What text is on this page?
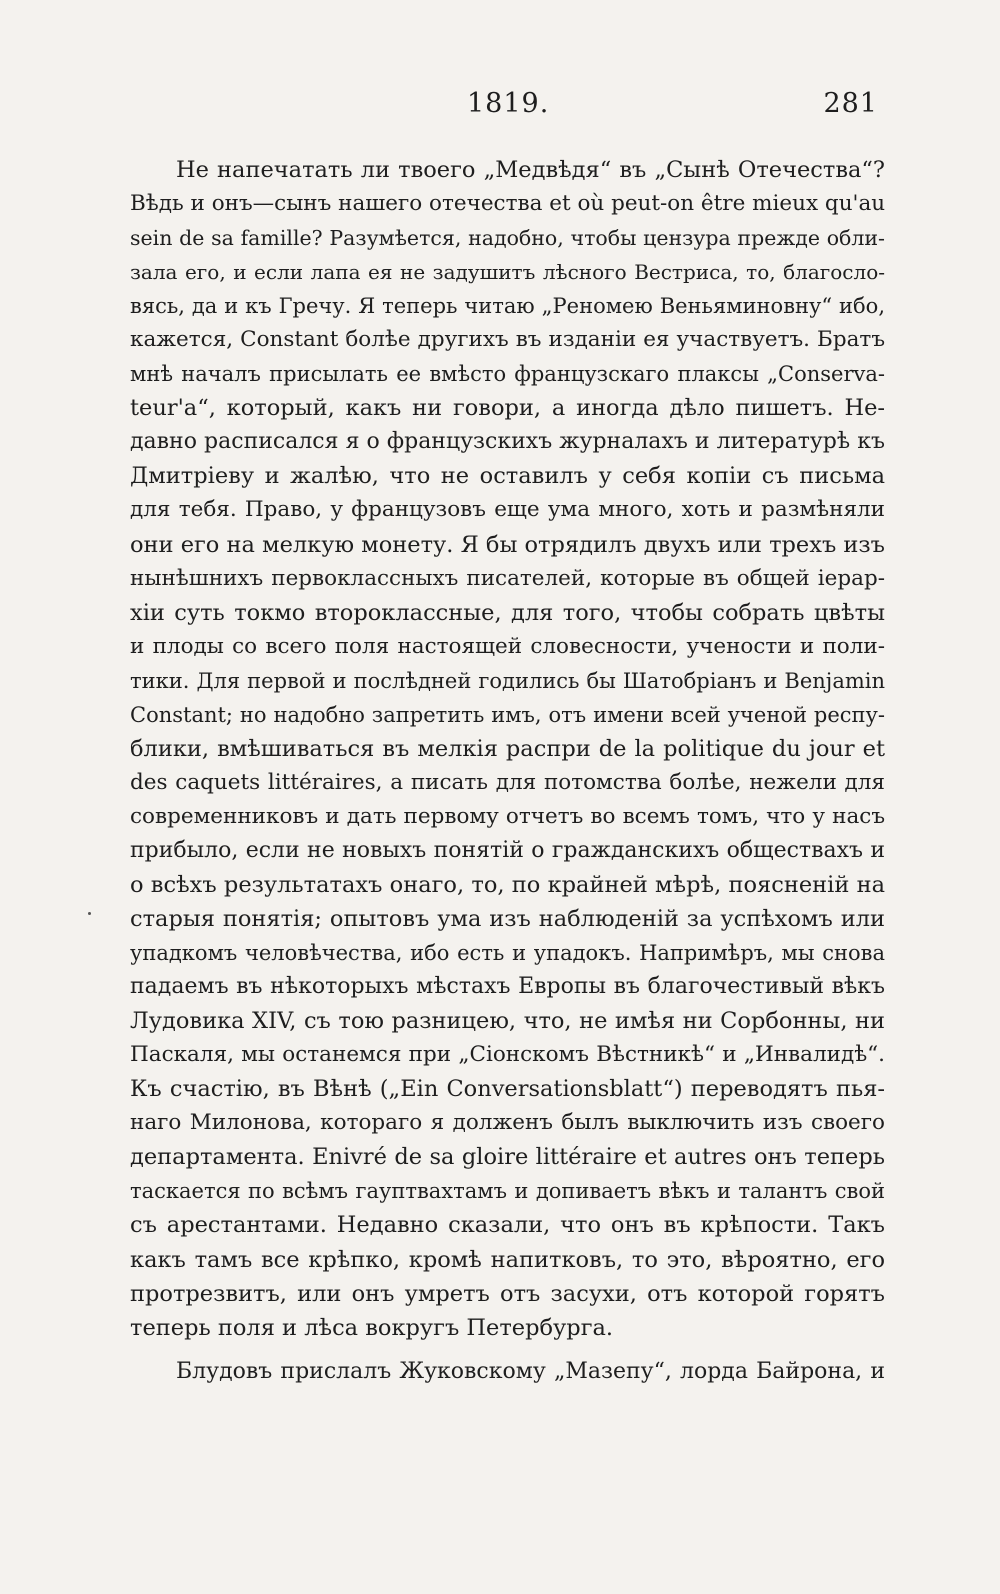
1819.	281
Не напечатать ли твоего „Медвѣдя“ въ „Сынѣ Отечества“?
Вѣдь и онъ—сынъ нашего отечества et où peut-on être mieux qu'au
sein de sa famille? Разумѣется, надобно, чтобы цензура прежде обли-
зала его, и если лапа ея не задушитъ лѣсного Вестриса, то, благосло-
вясь, да и къ Гречу. Я теперь читаю „Реномею Веньяминовну“ ибо,
кажется, Constant болѣе другихъ въ изданіи ея участвуетъ. Братъ
мнѣ началъ присылать ее вмѣсто французскаго плаксы „Conserva-
teur'a“, который, какъ ни говори, а иногда дѣло пишетъ. Не-
давно расписался я о французскихъ журналахъ и литературѣ къ
Дмитріеву и жалѣю, что не оставилъ у себя копіи съ письма
для тебя. Право, у французовъ еще ума много, хоть и размѣняли
они его на мелкую монету. Я бы отрядилъ двухъ или трехъ изъ
нынѣшнихъ первоклассныхъ писателей, которые въ общей іерар-
хіи суть токмо второклассные, для того, чтобы собрать цвѣты
и плоды со всего поля настоящей словесности, учености и поли-
тики. Для первой и послѣдней годились бы Шатобріанъ и Benjamin
Constant; но надобно запретить имъ, отъ имени всей ученой респу-
блики, вмѣшиваться въ мелкія распри de la politique du jour et
des caquets littéraires, а писать для потомства болѣе, нежели для
современниковъ и дать первому отчетъ во всемъ томъ, что у насъ
прибыло, если не новыхъ понятій о гражданскихъ обществахъ и
о всѣхъ результатахъ онаго, то, по крайней мѣрѣ, поясненій на
старыя понятія; опытовъ ума изъ наблюденій за успѣхомъ или
упадкомъ человѣчества, ибо есть и упадокъ. Напримѣръ, мы снова
падаемъ въ нѣкоторыхъ мѣстахъ Европы въ благочестивый вѣкъ
Лудовика XIV, съ тою разницею, что, не имѣя ни Сорбонны, ни
Паскаля, мы останемся при „Сіонскомъ Вѣстникѣ“ и „Инвалидѣ“.
Къ счастію, въ Вѣнѣ („Ein Conversationsblatt“) переводятъ пья-
наго Милонова, котораго я долженъ былъ выключить изъ своего
департамента. Enivré de sa gloire littéraire et autres онъ теперь
таскается по всѣмъ гауптвахтамъ и допиваетъ вѣкъ и талантъ свой
съ арестантами. Недавно сказали, что онъ въ крѣпости. Такъ
какъ тамъ все крѣпко, кромѣ напитковъ, то это, вѣроятно, его
протрезвитъ, или онъ умретъ отъ засухи, отъ которой горятъ
теперь поля и лѣса вокругъ Петербурга.
Блудовъ прислалъ Жуковскому „Мазепу“, лорда Байрона, и
